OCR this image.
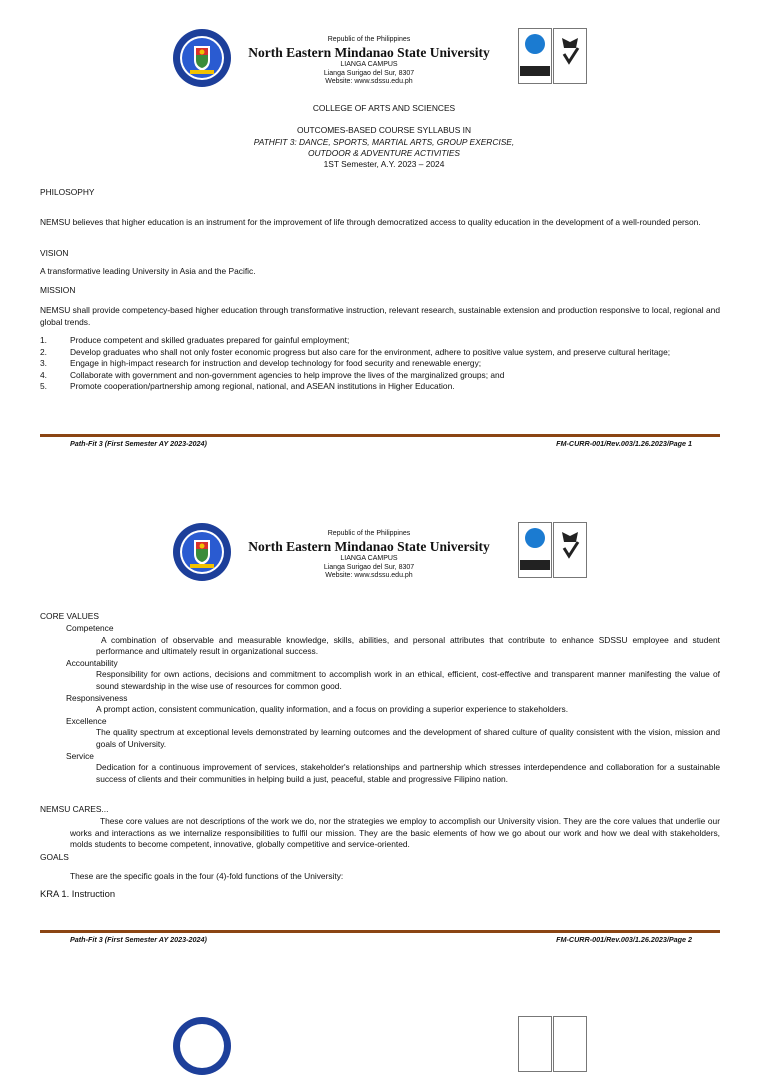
Republic of the Philippines
North Eastern Mindanao State University
LIANGA CAMPUS
Lianga Surigao del Sur, 8307
Website: www.sdssu.edu.ph
COLLEGE OF ARTS AND SCIENCES
OUTCOMES-BASED COURSE SYLLABUS IN
PATHFIT 3: DANCE, SPORTS, MARTIAL ARTS, GROUP EXERCISE,
OUTDOOR & ADVENTURE ACTIVITIES
1ST Semester, A.Y. 2023 – 2024
PHILOSOPHY
NEMSU believes that higher education is an instrument for the improvement of life through democratized access to quality education in the development of a well-rounded person.
VISION
A transformative leading University in Asia and the Pacific.
MISSION
NEMSU shall provide competency-based higher education through transformative instruction, relevant research, sustainable extension and production responsive to local, regional and global trends.
1.	Produce competent and skilled graduates prepared for gainful employment;
2.	Develop graduates who shall not only foster economic progress but also care for the environment, adhere to positive value system, and preserve cultural heritage;
3.	Engage in high-impact research for instruction and develop technology for food security and renewable energy;
4.	Collaborate with government and non-government agencies to help improve the lives of the marginalized groups; and
5.	Promote cooperation/partnership among regional, national, and ASEAN institutions in Higher Education.
Path-Fit 3 (First Semester AY 2023-2024)	FM-CURR-001/Rev.003/1.26.2023/Page 1
Republic of the Philippines
North Eastern Mindanao State University
LIANGA CAMPUS
Lianga Surigao del Sur, 8307
Website: www.sdssu.edu.ph
CORE VALUES
Competence
A combination of observable and measurable knowledge, skills, abilities, and personal attributes that contribute to enhance SDSSU employee and student performance and ultimately result in organizational success.
Accountability
Responsibility for own actions, decisions and commitment to accomplish work in an ethical, efficient, cost-effective and transparent manner manifesting the value of sound stewardship in the wise use of resources for common good.
Responsiveness
A prompt action, consistent communication, quality information, and a focus on providing a superior experience to stakeholders.
Excellence
The quality spectrum at exceptional levels demonstrated by learning outcomes and the development of shared culture of quality consistent with the vision, mission and goals of University.
Service
Dedication for a continuous improvement of services, stakeholder's relationships and partnership which stresses interdependence and collaboration for a sustainable success of clients and their communities in helping build a just, peaceful, stable and progressive Filipino nation.
NEMSU CARES...
These core values are not descriptions of the work we do, nor the strategies we employ to accomplish our University vision. They are the core values that underlie our works and interactions as we internalize responsibilities to fulfil our mission. They are the basic elements of how we go about our work and how we deal with stakeholders, molds students to become competent, innovative, globally competitive and service-oriented.
GOALS
These are the specific goals in the four (4)-fold functions of the University:
KRA 1. Instruction
Path-Fit 3 (First Semester AY 2023-2024)	FM-CURR-001/Rev.003/1.26.2023/Page 2
